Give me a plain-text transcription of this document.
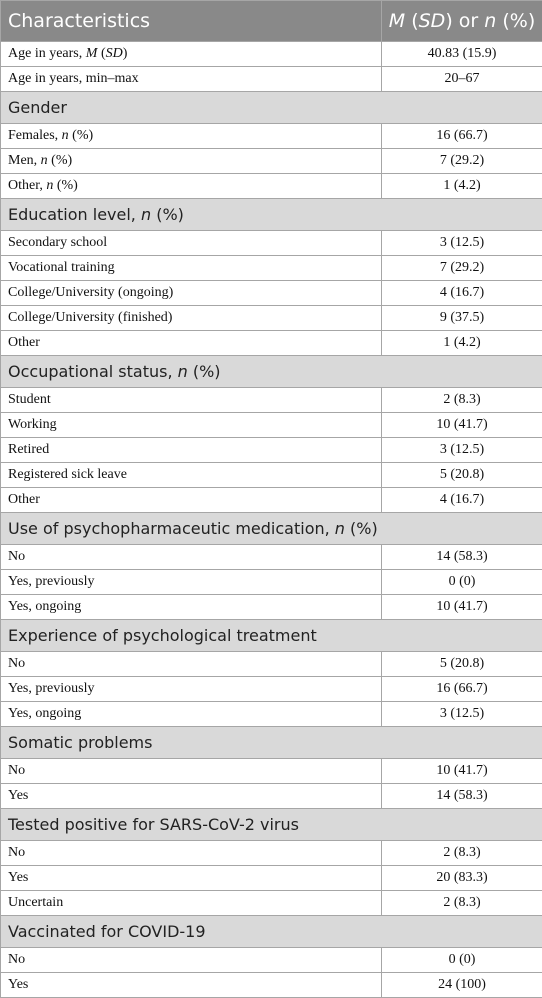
Characteristics	M (SD) or n (%)
Age in years, M (SD)	40.83 (15.9)
Age in years, min–max	20–67
Gender	
Females, n (%)	16 (66.7)
Men, n (%)	7 (29.2)
Other, n (%)	1 (4.2)
Education level, n (%)	
Secondary school	3 (12.5)
Vocational training	7 (29.2)
College/University (ongoing)	4 (16.7)
College/University (finished)	9 (37.5)
Other	1 (4.2)
Occupational status, n (%)	
Student	2 (8.3)
Working	10 (41.7)
Retired	3 (12.5)
Registered sick leave	5 (20.8)
Other	4 (16.7)
Use of psychopharmaceutic medication, n (%)	
No	14 (58.3)
Yes, previously	0 (0)
Yes, ongoing	10 (41.7)
Experience of psychological treatment	
No	5 (20.8)
Yes, previously	16 (66.7)
Yes, ongoing	3 (12.5)
Somatic problems	
No	10 (41.7)
Yes	14 (58.3)
Tested positive for SARS-CoV-2 virus	
No	2 (8.3)
Yes	20 (83.3)
Uncertain	2 (8.3)
Vaccinated for COVID-19	
No	0 (0)
Yes	24 (100)
